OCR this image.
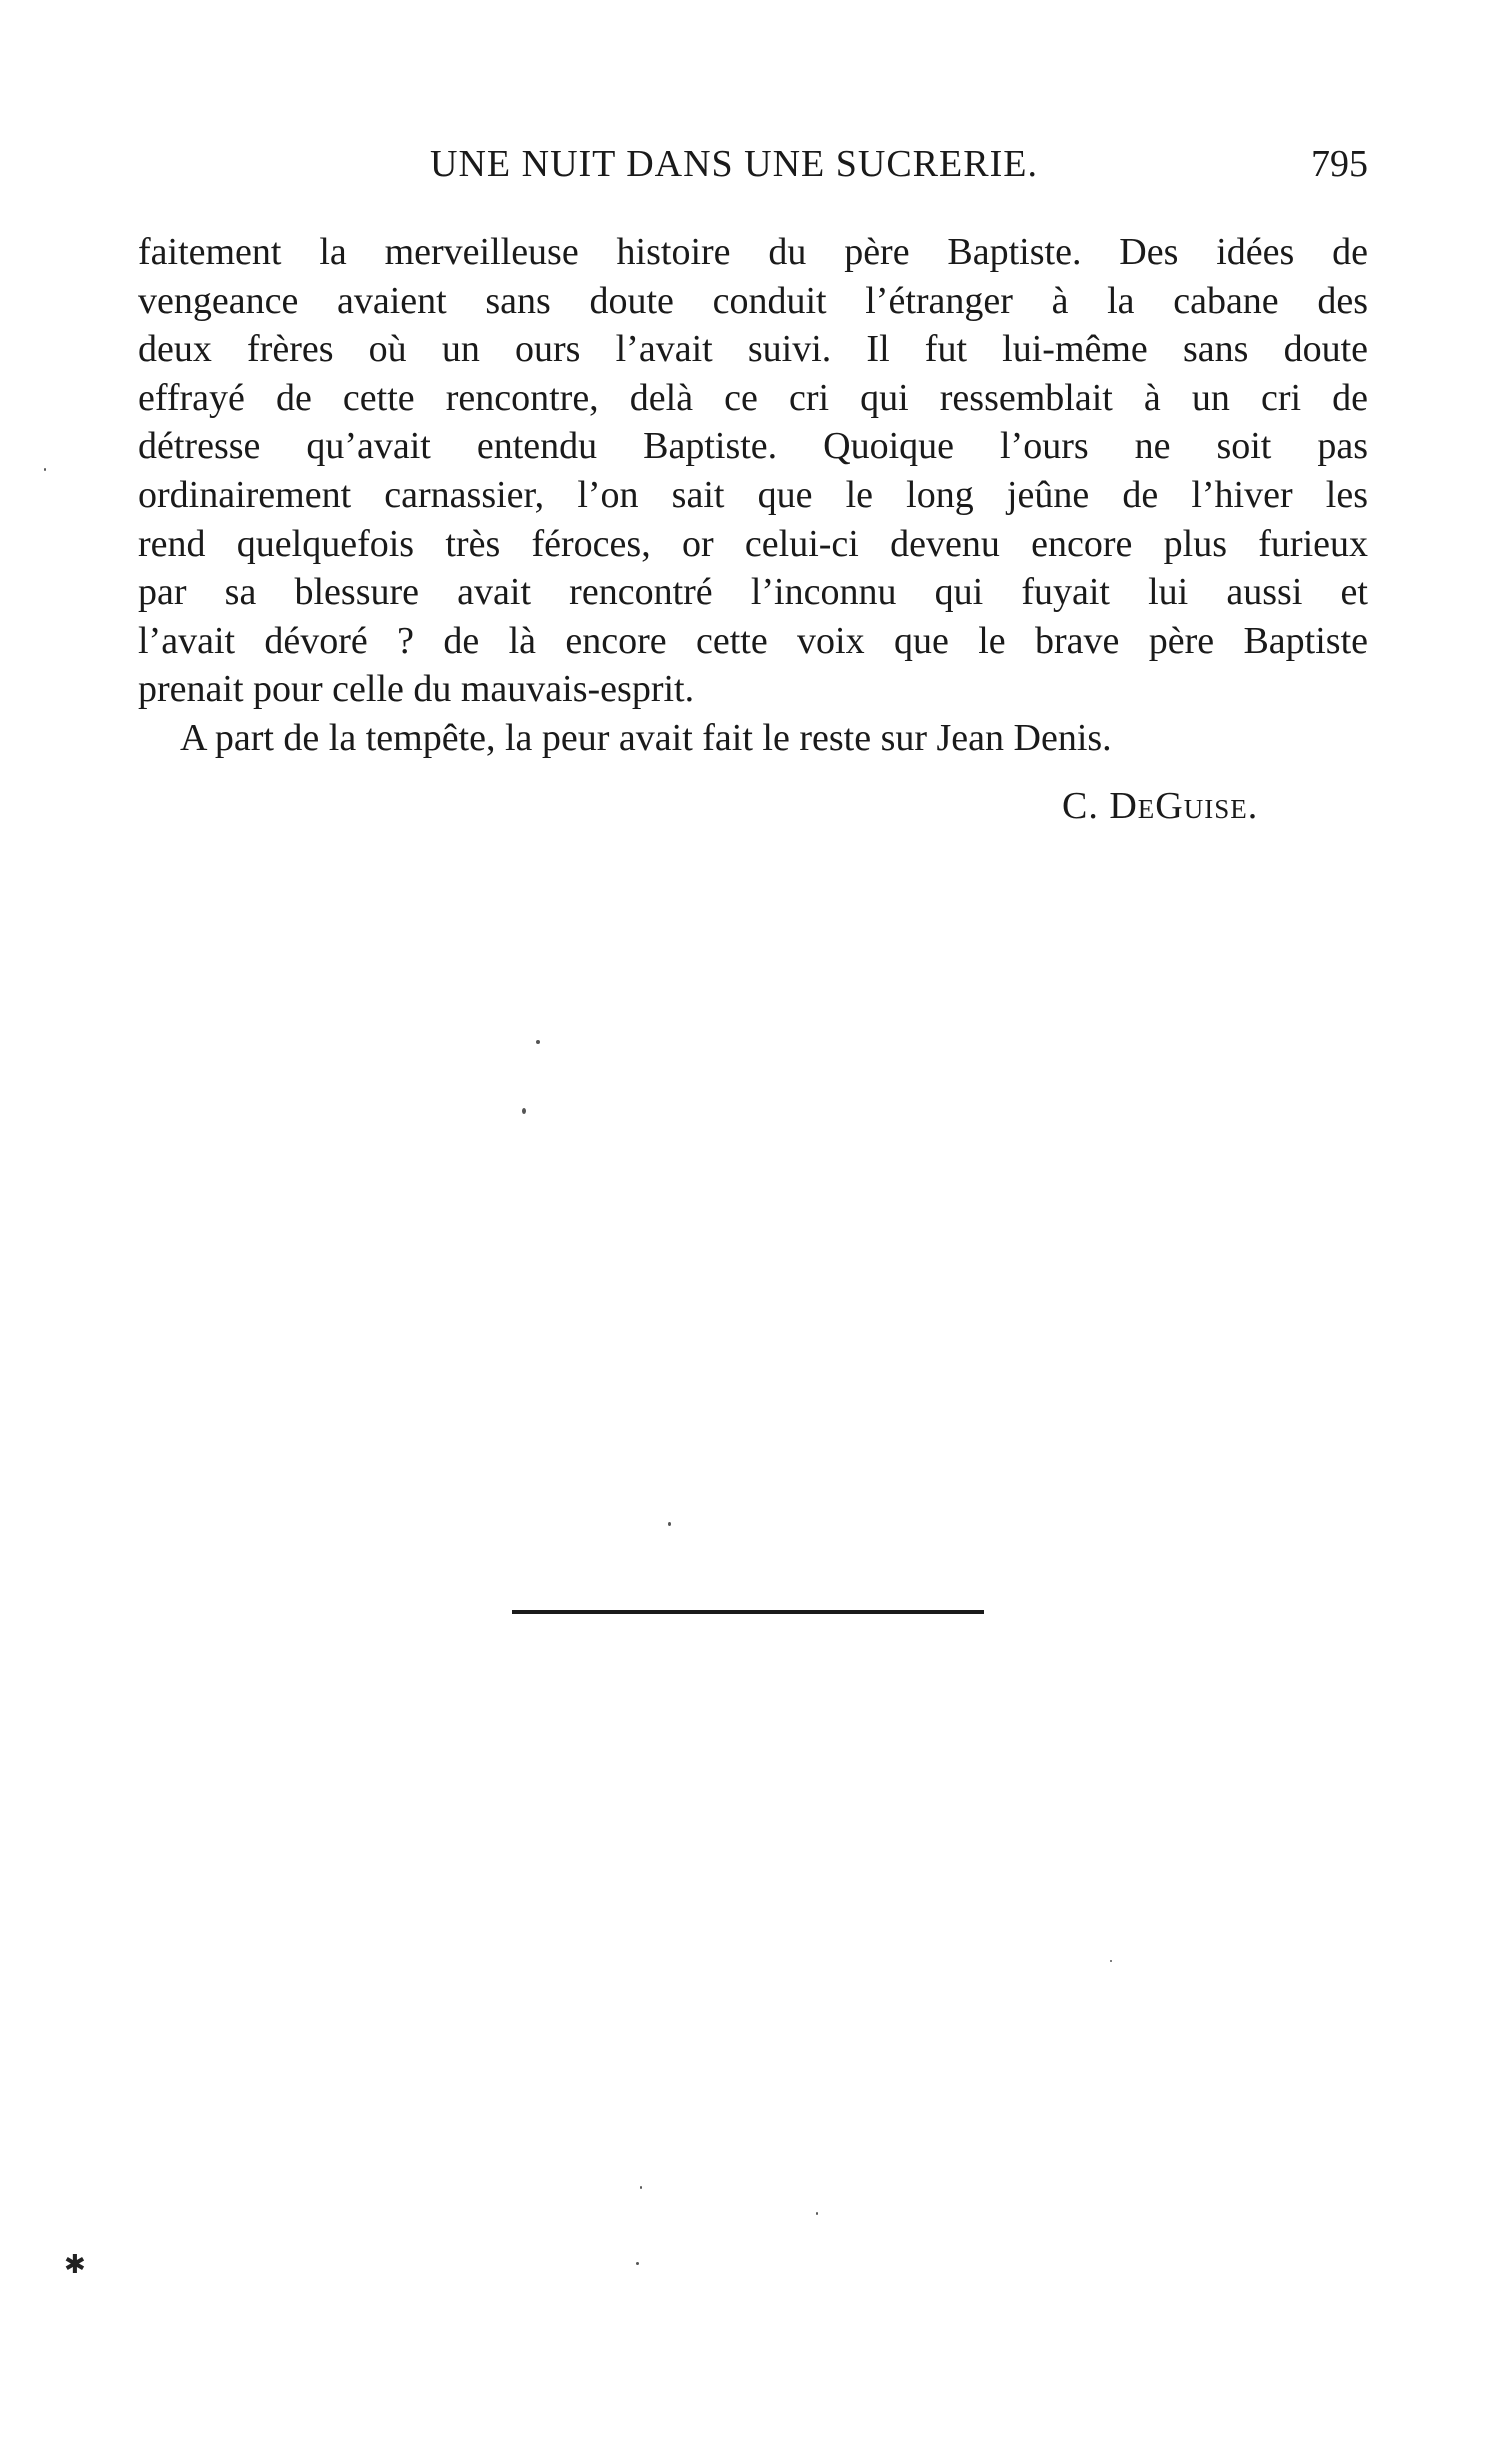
UNE NUIT DANS UNE SUCRERIE.	795
faitement la merveilleuse histoire du père Baptiste. Des idées de
vengeance avaient sans doute conduit l’étranger à la cabane des
deux frères où un ours l’avait suivi. Il fut lui-même sans doute
effrayé de cette rencontre, delà ce cri qui ressemblait à un cri de
détresse qu’avait entendu Baptiste. Quoique l’ours ne soit pas
ordinairement carnassier, l’on sait que le long jeûne de l’hiver les
rend quelquefois très féroces, or celui-ci devenu encore plus furieux
par sa blessure avait rencontré l’inconnu qui fuyait lui aussi et
l’avait dévoré ? de là encore cette voix que le brave père Baptiste
prenait pour celle du mauvais-esprit.
A part de la tempête, la peur avait fait le reste sur Jean Denis.
C. DeGuise.
✱
